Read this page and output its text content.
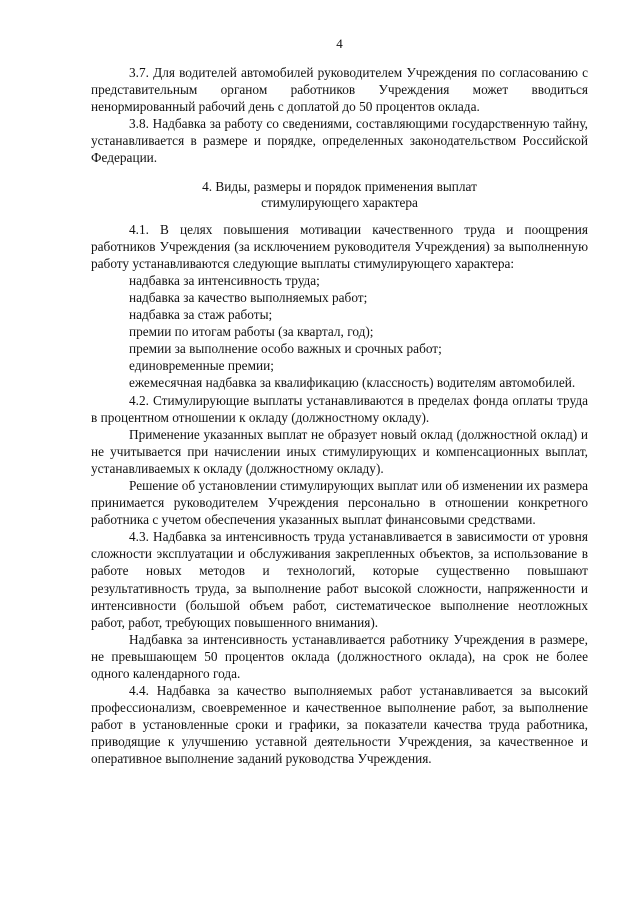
4

3.7. Для водителей автомобилей руководителем Учреждения по согласованию с представительным органом работников Учреждения может вводиться ненормированный рабочий день с доплатой до 50 процентов оклада.

3.8. Надбавка за работу со сведениями, составляющими государственную тайну, устанавливается в размере и порядке, определенных законодательством Российской Федерации.

4. Виды, размеры и порядок применения выплат
стимулирующего характера

4.1. В целях повышения мотивации качественного труда и поощрения работников Учреждения (за исключением руководителя Учреждения) за выполненную работу устанавливаются следующие выплаты стимулирующего характера:

надбавка за интенсивность труда;
надбавка за качество выполняемых работ;
надбавка за стаж работы;
премии по итогам работы (за квартал, год);
премии за выполнение особо важных и срочных работ;
единовременные премии;
ежемесячная надбавка за квалификацию (классность) водителям автомобилей.

4.2. Стимулирующие выплаты устанавливаются в пределах фонда оплаты труда в процентном отношении к окладу (должностному окладу).

Применение указанных выплат не образует новый оклад (должностной оклад) и не учитывается при начислении иных стимулирующих и компенсационных выплат, устанавливаемых к окладу (должностному окладу).

Решение об установлении стимулирующих выплат или об изменении их размера принимается руководителем Учреждения персонально в отношении конкретного работника с учетом обеспечения указанных выплат финансовыми средствами.

4.3. Надбавка за интенсивность труда устанавливается в зависимости от уровня сложности эксплуатации и обслуживания закрепленных объектов, за использование в работе новых методов и технологий, которые существенно повышают результативность труда, за выполнение работ высокой сложности, напряженности и интенсивности (большой объем работ, систематическое выполнение неотложных работ, работ, требующих повышенного внимания).

Надбавка за интенсивность устанавливается работнику Учреждения в размере, не превышающем 50 процентов оклада (должностного оклада), на срок не более одного календарного года.

4.4. Надбавка за качество выполняемых работ устанавливается за высокий профессионализм, своевременное и качественное выполнение работ, за выполнение работ в установленные сроки и графики, за показатели качества труда работника, приводящие к улучшению уставной деятельности Учреждения, за качественное и оперативное выполнение заданий руководства Учреждения.
